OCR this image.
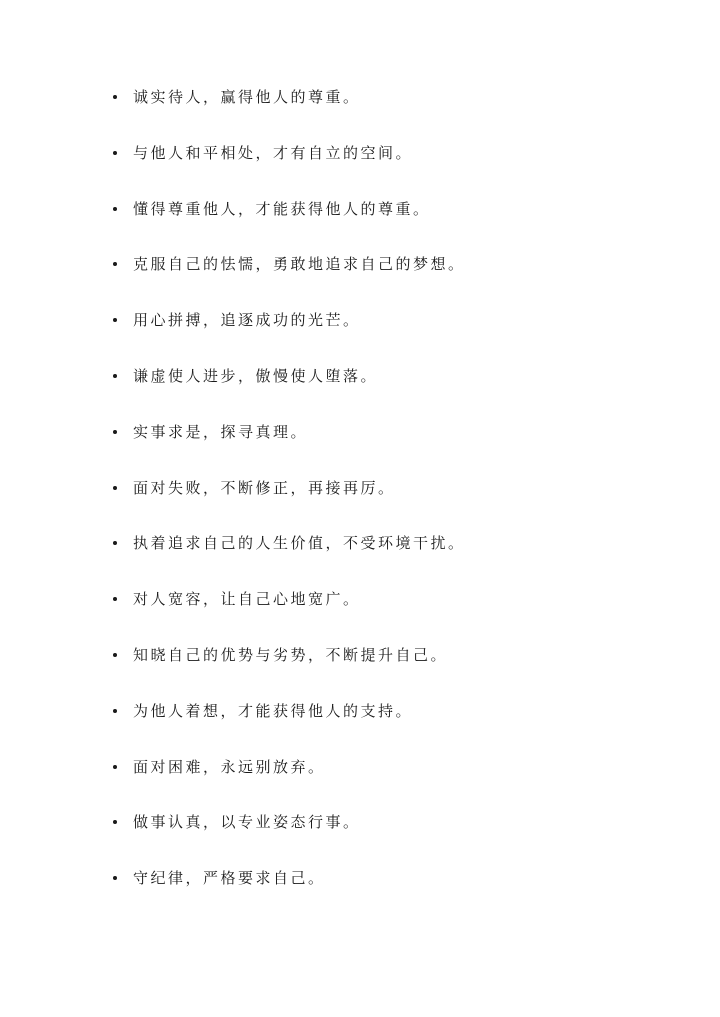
诚实待人，赢得他人的尊重。
与他人和平相处，才有自立的空间。
懂得尊重他人，才能获得他人的尊重。
克服自己的怯懦，勇敢地追求自己的梦想。
用心拼搏，追逐成功的光芒。
谦虚使人进步，傲慢使人堕落。
实事求是，探寻真理。
面对失败，不断修正，再接再厉。
执着追求自己的人生价值，不受环境干扰。
对人宽容，让自己心地宽广。
知晓自己的优势与劣势，不断提升自己。
为他人着想，才能获得他人的支持。
面对困难，永远别放弃。
做事认真，以专业姿态行事。
守纪律，严格要求自己。
